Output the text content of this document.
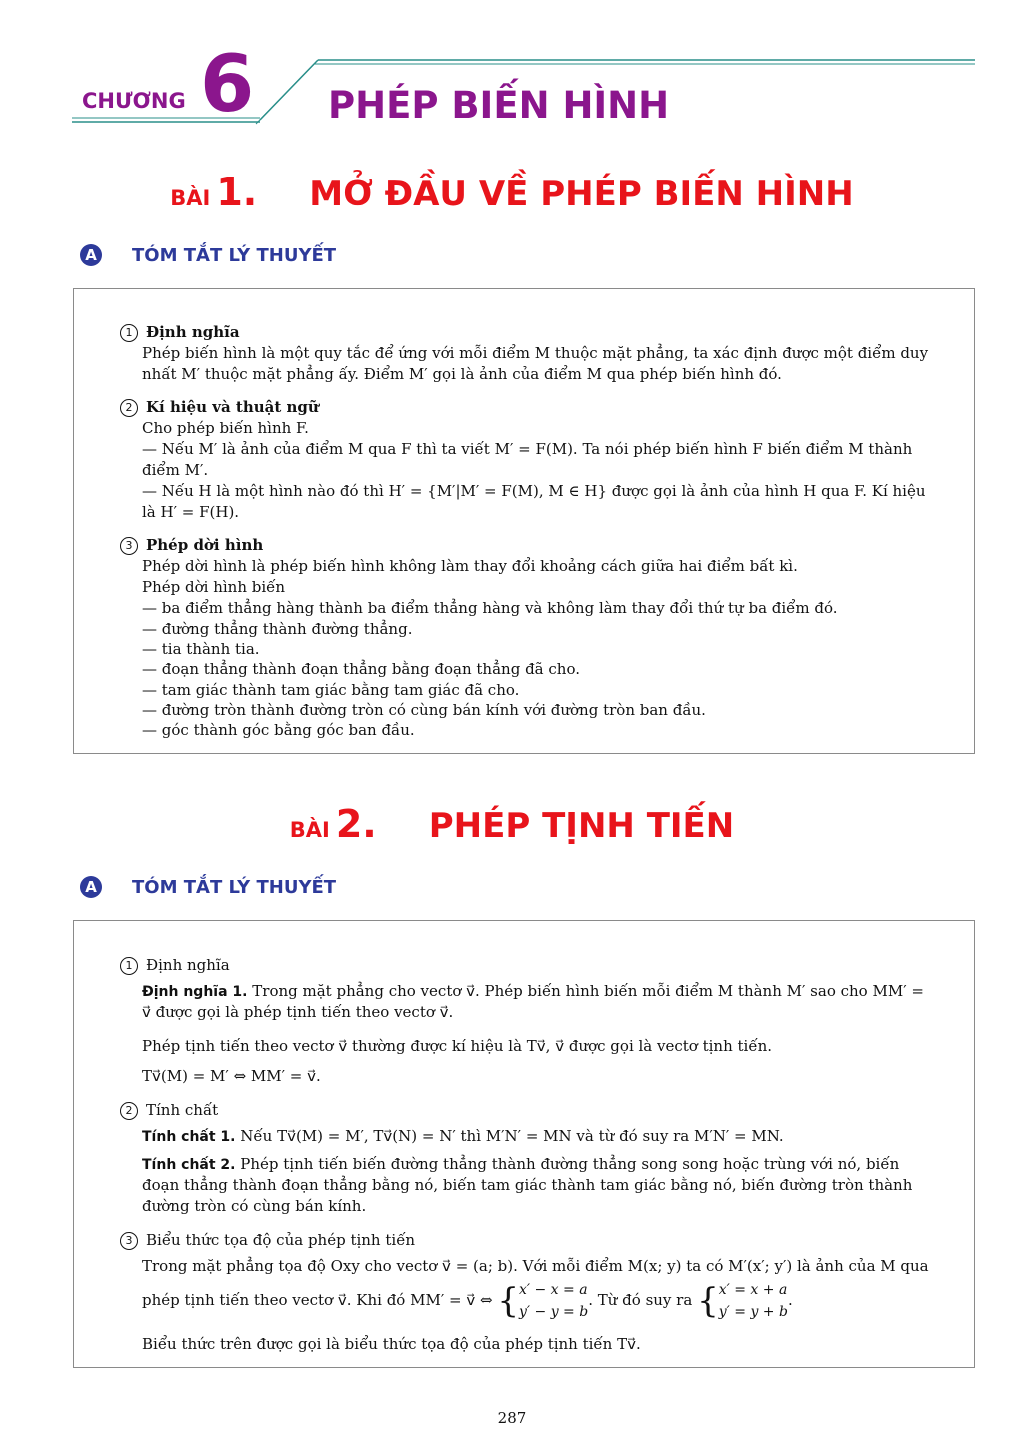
CHƯƠNG 6 PHÉP BIẾN HÌNH
BÀI 1. MỞ ĐẦU VỀ PHÉP BIẾN HÌNH
A TÓM TẮT LÝ THUYẾT
1 Định nghĩa
Phép biến hình là một quy tắc để ứng với mỗi điểm M thuộc mặt phẳng, ta xác định được một điểm duy
nhất M′ thuộc mặt phẳng ấy. Điểm M′ gọi là ảnh của điểm M qua phép biến hình đó.
2 Kí hiệu và thuật ngữ
Cho phép biến hình F.
— Nếu M′ là ảnh của điểm M qua F thì ta viết M′ = F(M). Ta nói phép biến hình F biến điểm M thành
điểm M′.
— Nếu H là một hình nào đó thì H′ = {M′|M′ = F(M), M ∈ H} được gọi là ảnh của hình H qua F. Kí hiệu
là H′ = F(H).
3 Phép dời hình
Phép dời hình là phép biến hình không làm thay đổi khoảng cách giữa hai điểm bất kì.
Phép dời hình biến
— ba điểm thẳng hàng thành ba điểm thẳng hàng và không làm thay đổi thứ tự ba điểm đó.
— đường thẳng thành đường thẳng.
— tia thành tia.
— đoạn thẳng thành đoạn thẳng bằng đoạn thẳng đã cho.
— tam giác thành tam giác bằng tam giác đã cho.
— đường tròn thành đường tròn có cùng bán kính với đường tròn ban đầu.
— góc thành góc bằng góc ban đầu.
BÀI 2. PHÉP TỊNH TIẾN
A TÓM TẮT LÝ THUYẾT
1 Định nghĩa
Định nghĩa 1. Trong mặt phẳng cho vectơ v⃗. Phép biến hình biến mỗi điểm M thành M′ sao cho MM′ =
v⃗ được gọi là phép tịnh tiến theo vectơ v⃗.
Phép tịnh tiến theo vectơ v⃗ thường được kí hiệu là Tv⃗, v⃗ được gọi là vectơ tịnh tiến.
Tv⃗(M) = M′ ⇔ MM′ = v⃗.
2 Tính chất
Tính chất 1. Nếu Tv⃗(M) = M′, Tv⃗(N) = N′ thì M′N′ = MN và từ đó suy ra M′N′ = MN.
Tính chất 2. Phép tịnh tiến biến đường thẳng thành đường thẳng song song hoặc trùng với nó, biến
đoạn thẳng thành đoạn thẳng bằng nó, biến tam giác thành tam giác bằng nó, biến đường tròn thành
đường tròn có cùng bán kính.
3 Biểu thức tọa độ của phép tịnh tiến
Trong mặt phẳng tọa độ Oxy cho vectơ v⃗ = (a; b). Với mỗi điểm M(x; y) ta có M′(x′; y′) là ảnh của M qua
phép tịnh tiến theo vectơ v⃗. Khi đó MM′ = v⃗ ⇔ {x′ − x = a
y′ − y = b. Từ đó suy ra {x′ = x + a
y′ = y + b.
Biểu thức trên được gọi là biểu thức tọa độ của phép tịnh tiến Tv⃗.
287
